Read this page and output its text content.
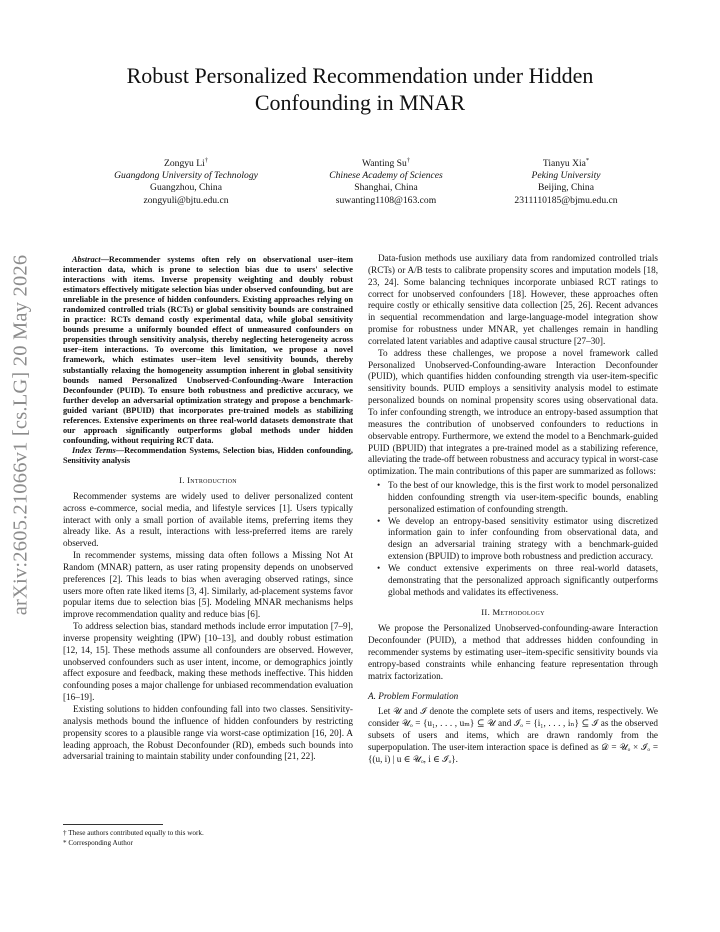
arXiv:2605.21066v1 [cs.LG] 20 May 2026
Robust Personalized Recommendation under Hidden Confounding in MNAR
Zongyu Li†
Guangdong University of Technology
Guangzhou, China
zongyuli@bjtu.edu.cn
Wanting Su†
Chinese Academy of Sciences
Shanghai, China
suwanting1108@163.com
Tianyu Xia*
Peking University
Beijing, China
2311110185@bjmu.edu.cn
Abstract—Recommender systems often rely on observational user–item interaction data, which is prone to selection bias due to users' selective interactions with items. Inverse propensity weighting and doubly robust estimators effectively mitigate selection bias under observed confounding, but are unreliable in the presence of hidden confounders. Existing approaches relying on randomized controlled trials (RCTs) or global sensitivity bounds are constrained in practice: RCTs demand costly experimental data, while global sensitivity bounds presume a uniformly bounded effect of unmeasured confounders on propensities through sensitivity analysis, thereby neglecting heterogeneity across user–item interactions. To overcome this limitation, we propose a novel framework, which estimates user–item level sensitivity bounds, thereby substantially relaxing the homogeneity assumption inherent in global sensitivity bounds named Personalized Unobserved-Confounding-Aware Interaction Deconfounder (PUID). To ensure both robustness and predictive accuracy, we further develop an adversarial optimization strategy and propose a benchmark-guided variant (BPUID) that incorporates pre-trained models as stabilizing references. Extensive experiments on three real-world datasets demonstrate that our approach significantly outperforms global methods under hidden confounding, without requiring RCT data.
Index Terms—Recommendation Systems, Selection bias, Hidden confounding, Sensitivity analysis
I. Introduction

Recommender systems are widely used to deliver personalized content across e-commerce, social media, and lifestyle services [1]. Users typically interact with only a small portion of available items, preferring items they already like. As a result, interactions with less-preferred items are rarely observed.

In recommender systems, missing data often follows a Missing Not At Random (MNAR) pattern, as user rating propensity depends on unobserved preferences [2]. This leads to bias when averaging observed ratings, since users more often rate liked items [3, 4]. Similarly, ad-placement systems favor popular items due to selection bias [5]. Modeling MNAR mechanisms helps improve recommendation quality and reduce bias [6].

To address selection bias, standard methods include error imputation [7–9], inverse propensity weighting (IPW) [10–13], and doubly robust estimation [12, 14, 15]. These methods assume all confounders are observed. However, unobserved confounders such as user intent, income, or demographics jointly affect exposure and feedback, making these methods ineffective. This hidden confounding poses a major challenge for unbiased recommendation evaluation [16–19].

Existing solutions to hidden confounding fall into two classes. Sensitivity-analysis methods bound the influence of hidden confounders by restricting propensity scores to a plausible range via worst-case optimization [16, 20]. A leading approach, the Robust Deconfounder (RD), embeds such bounds into adversarial training to maintain stability under confounding [21, 22].

† These authors contributed equally to this work.
* Corresponding Author

Data-fusion methods use auxiliary data from randomized controlled trials (RCTs) or A/B tests to calibrate propensity scores and imputation models [18, 23, 24]. Some balancing techniques incorporate unbiased RCT ratings to correct for unobserved confounders [18]. However, these approaches often require costly or ethically sensitive data collection [25, 26]. Recent advances in sequential recommendation and large-language-model integration show promise for robustness under MNAR, yet challenges remain in handling correlated latent variables and adaptive causal structure [27–30].

To address these challenges, we propose a novel framework called Personalized Unobserved-Confounding-aware Interaction Deconfounder (PUID), which quantifies hidden confounding strength via user-item-specific sensitivity bounds. PUID employs a sensitivity analysis model to estimate personalized bounds on nominal propensity scores using observational data. To infer confounding strength, we introduce an entropy-based assumption that measures the contribution of unobserved confounders to reductions in observable entropy. Furthermore, we extend the model to a Benchmark-guided PUID (BPUID) that integrates a pre-trained model as a stabilizing reference, alleviating the trade-off between robustness and accuracy typical in worst-case optimization. The main contributions of this paper are summarized as follows:

• To the best of our knowledge, this is the first work to model personalized hidden confounding strength via user-item-specific bounds, enabling personalized estimation of confounding strength.
• We develop an entropy-based sensitivity estimator using discretized information gain to infer confounding from observational data, and design an adversarial training strategy with a benchmark-guided extension (BPUID) to improve both robustness and prediction accuracy.
• We conduct extensive experiments on three real-world datasets, demonstrating that the personalized approach significantly outperforms global methods and validates its effectiveness.
II. Methodology

We propose the Personalized Unobserved-confounding-aware Interaction Deconfounder (PUID), a method that addresses hidden confounding in recommender systems by estimating user–item-specific sensitivity bounds via entropy-based constraints while enhancing feature representation through matrix factorization.

A. Problem Formulation

Let 𝒰 and ℐ denote the complete sets of users and items, respectively. We consider 𝒰ₒ = {u₁, . . . , uₘ} ⊆ 𝒰 and ℐₒ = {i₁, . . . , iₙ} ⊆ ℐ as the observed subsets of users and items, which are drawn randomly from the superpopulation. The user-item interaction space is defined as 𝒟 = 𝒰ₒ × ℐₒ = {(u, i) | u ∈ 𝒰ₒ, i ∈ ℐₒ}.
